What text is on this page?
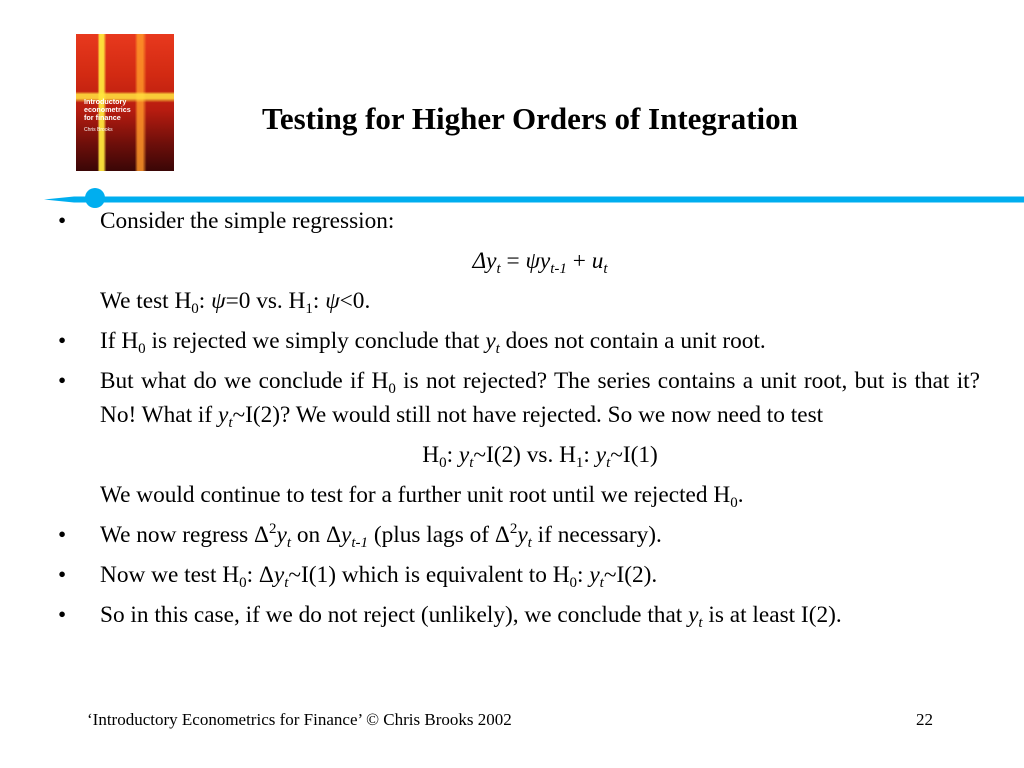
Introductory
econometrics
for finance
Chris Brooks	Testing for Higher Orders of Integration
• Consider the simple regression:
$\Delta y_t = \psi y_{t-1} + u_t$
We test $H_0$: ψ=0 vs. $H_1$: ψ<0.
• If $H_0$ is rejected we simply conclude that $y_t$ does not contain a unit root.
• But what do we conclude if $H_0$ is not rejected? The series contains a unit root, but is that it? No! What if $y_t\sim I(2)$? We would still not have rejected. So we now need to test
$H_0$: $y_t\sim I(2)$ vs. $H_1$: $y_t\sim I(1)$
We would continue to test for a further unit root until we rejected $H_0$.
• We now regress $\Delta^2y_t$ on $\Delta y_{t-1}$ (plus lags of $\Delta^2y_t$ if necessary).
• Now we test $H_0$: $\Delta y_t\sim I(1)$ which is equivalent to $H_0$: $y_t\sim I(2)$.
• So in this case, if we do not reject (unlikely), we conclude that $y_t$ is at least I(2).
‘Introductory Econometrics for Finance’ © Chris Brooks 2002	22
